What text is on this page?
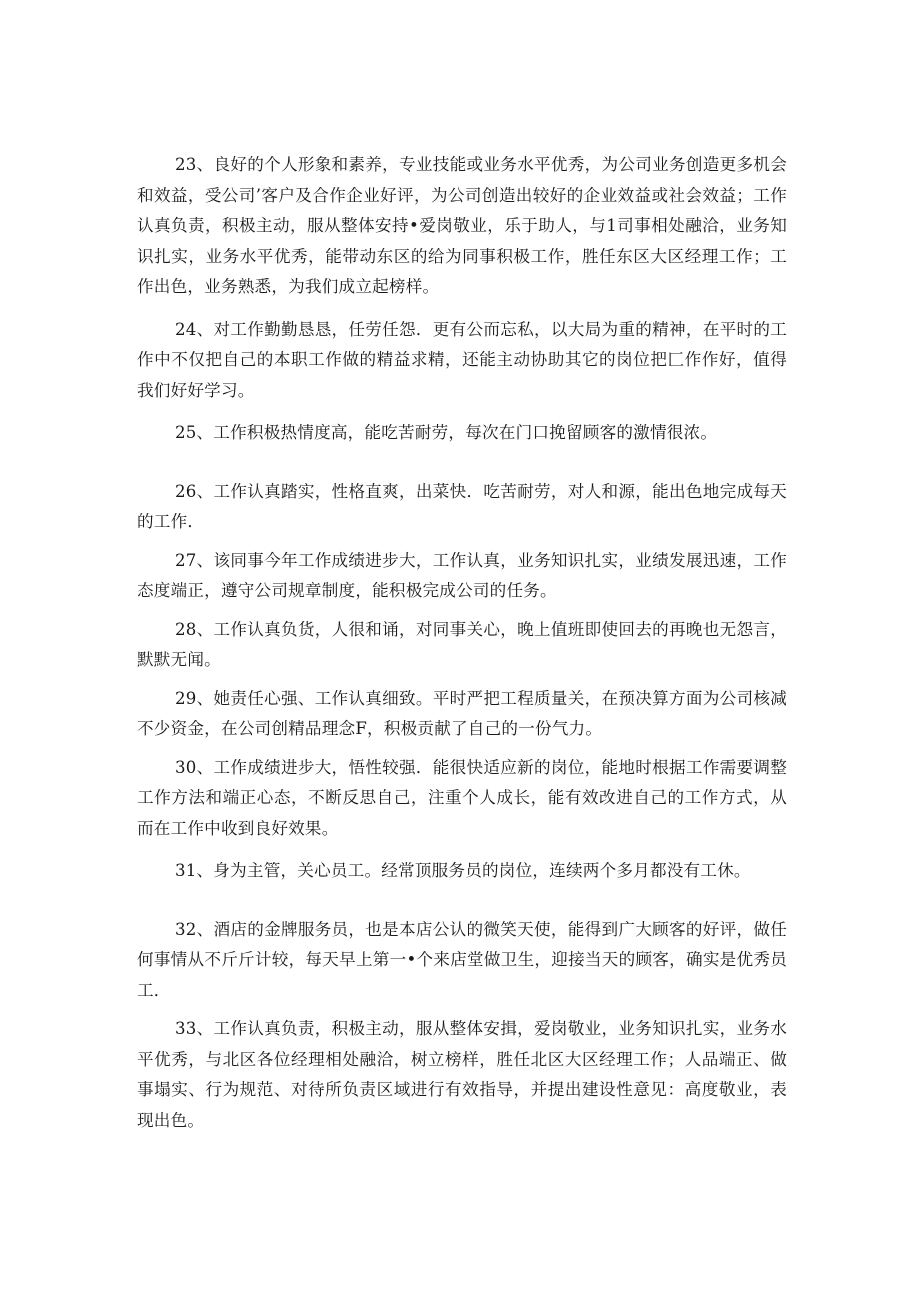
23、良好的个人形象和素养，专业技能或业务水平优秀，为公司业务创造更多机会和效益，受公司’客户及合作企业好评，为公司创造出较好的企业效益或社会效益；工作认真负责，积极主动，服从整体安持•爱岗敬业，乐于助人，与1司事相处融洽，业务知识扎实，业务水平优秀，能带动东区的给为同事积极工作，胜任东区大区经理工作；工作出色，业务熟悉，为我们成立起榜样。

24、对工作勤勤恳恳，任劳任怨．更有公而忘私，以大局为重的精神，在平时的工作中不仅把自己的本职工作做的精益求精，还能主动协助其它的岗位把匚作作好，值得我们好好学习。

25、工作积极热情度高，能吃苦耐劳，每次在门口挽留顾客的激情很浓。

26、工作认真踏实，性格直爽，出菜快．吃苦耐劳，对人和源，能出色地完成每天的工作．

27、该同事今年工作成绩进步大，工作认真，业务知识扎实，业绩发展迅速，工作态度端正，遵守公司规章制度，能积极完成公司的任务。

28、工作认真负货，人很和诵，对同事关心，晚上值班即使回去的再晚也无怨言，默默无闻。

29、她责任心强、工作认真细致。平时严把工程质量关，在预决算方面为公司核减不少资金，在公司创精品理念F，积极贡献了自己的一份气力。

30、工作成绩进步大，悟性较强．能很快适应新的岗位，能地时根据工作需要调整工作方法和端正心态，不断反思自己，注重个人成长，能有效改进自己的工作方式，从而在工作中收到良好效果。

31、身为主管，关心员工。经常顶服务员的岗位，连续两个多月都没有工休。

32、酒店的金牌服务员，也是本店公认的微笑天使，能得到广大顾客的好评，做任何事情从不斤斤计较，每天早上第一•个来店堂做卫生，迎接当天的顾客，确实是优秀员工．

33、工作认真负责，积极主动，服从整体安揖，爱岗敬业，业务知识扎实，业务水平优秀，与北区各位经理相处融洽，树立榜样，胜任北区大区经理工作；人品端正、做事塌实、行为规范、对待所负责区域进行有效指导，并提出建设性意见：高度敬业，表现出色。
